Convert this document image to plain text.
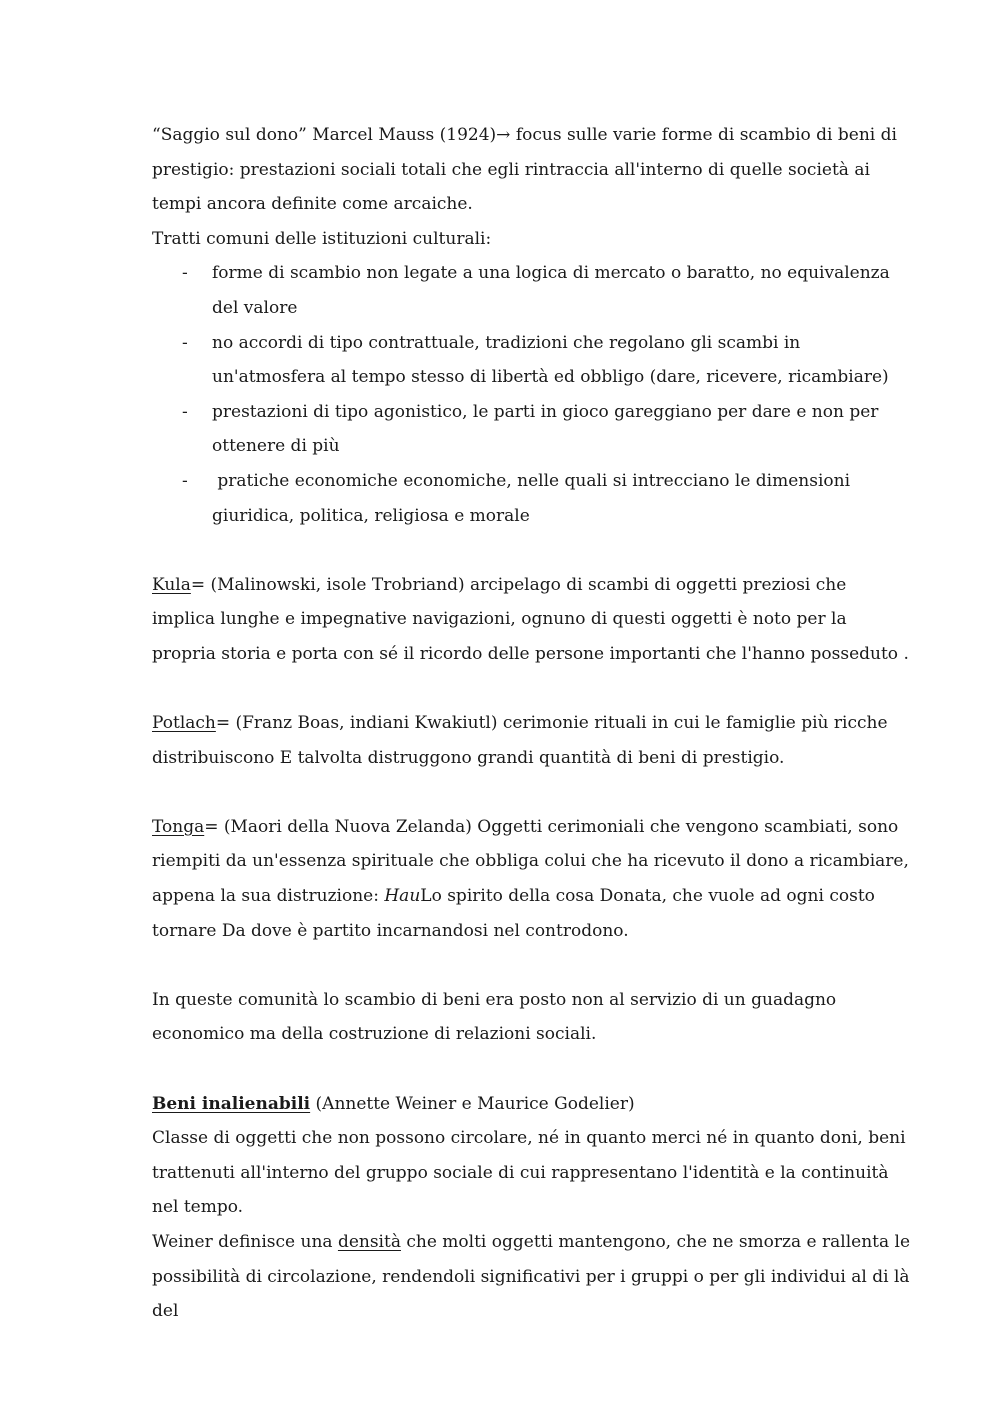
“Saggio sul dono” Marcel Mauss (1924)→ focus sulle varie forme di scambio di beni di prestigio: prestazioni sociali totali che egli rintraccia all'interno di quelle società ai tempi ancora definite come arcaiche.

Tratti comuni delle istituzioni culturali:

- forme di scambio non legate a una logica di mercato o baratto, no equivalenza del valore
- no accordi di tipo contrattuale, tradizioni che regolano gli scambi in un'atmosfera al tempo stesso di libertà ed obbligo (dare, ricevere, ricambiare)
- prestazioni di tipo agonistico, le parti in gioco gareggiano per dare e non per ottenere di più
- pratiche economiche economiche, nelle quali si intrecciano le dimensioni giuridica, politica, religiosa e morale

Kula= (Malinowski, isole Trobriand) arcipelago di scambi di oggetti preziosi che implica lunghe e impegnative navigazioni, ognuno di questi oggetti è noto per la propria storia e porta con sé il ricordo delle persone importanti che l'hanno posseduto .

Potlach= (Franz Boas, indiani Kwakiutl) cerimonie rituali in cui le famiglie più ricche distribuiscono E talvolta distruggono grandi quantità di beni di prestigio.

Tonga= (Maori della Nuova Zelanda) Oggetti cerimoniali che vengono scambiati, sono riempiti da un'essenza spirituale che obbliga colui che ha ricevuto il dono a ricambiare, appena la sua distruzione: HauLo spirito della cosa Donata, che vuole ad ogni costo tornare Da dove è partito incarnandosi nel controdono.

In queste comunità lo scambio di beni era posto non al servizio di un guadagno economico ma della costruzione di relazioni sociali.

Beni inalienabili (Annette Weiner e Maurice Godelier)

Classe di oggetti che non possono circolare, né in quanto merci né in quanto doni, beni trattenuti all'interno del gruppo sociale di cui rappresentano l'identità e la continuità nel tempo.

Weiner definisce una densità che molti oggetti mantengono, che ne smorza e rallenta le possibilità di circolazione, rendendoli significativi per i gruppi o per gli individui al di là del
